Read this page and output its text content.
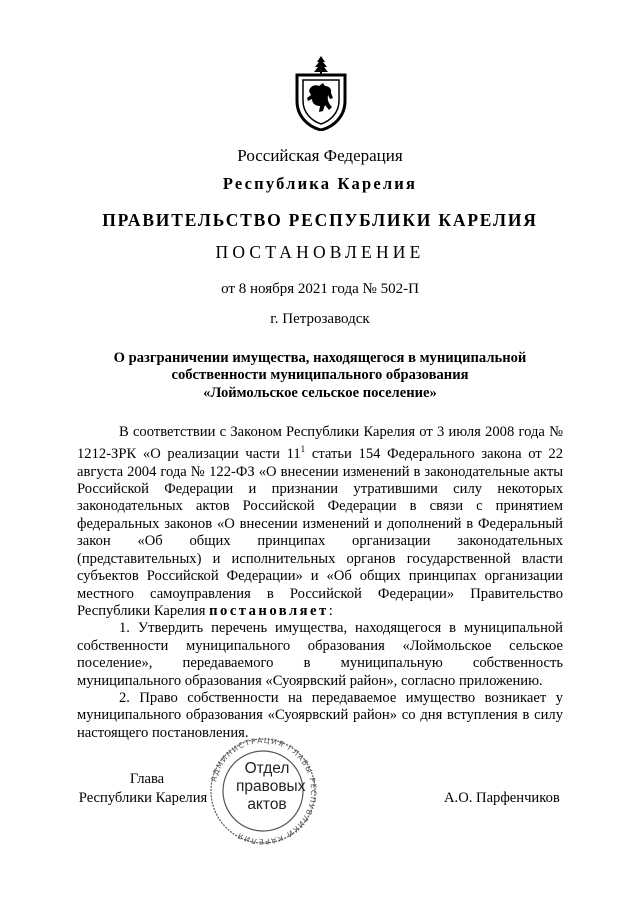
Российская Федерация
Республика Карелия
ПРАВИТЕЛЬСТВО РЕСПУБЛИКИ КАРЕЛИЯ
ПОСТАНОВЛЕНИЕ
от 8 ноября 2021 года № 502-П
г. Петрозаводск
О разграничении имущества, находящегося в муниципальной
собственности муниципального образования
«Лоймольское сельское поселение»

В соответствии с Законом Республики Карелия от 3 июля 2008 года № 1212-ЗРК «О реализации части $11^1$ статьи 154 Федерального закона от 22 августа 2004 года № 122-ФЗ «О внесении изменений в законодательные акты Российской Федерации и признании утратившими силу некоторых законодательных актов Российской Федерации в связи с принятием федеральных законов «О внесении изменений и дополнений в Федеральный закон «Об общих принципах организации законодательных (представительных) и исполнительных органов государственной власти субъектов Российской Федерации» и «Об общих принципах организации местного самоуправления в Российской Федерации» Правительство Республики Карелия постановляет:

1. Утвердить перечень имущества, находящегося в муниципальной собственности муниципального образования «Лоймольское сельское поселение», передаваемого в муниципальную собственность муниципального образования «Суоярвский район», согласно приложению.

2. Право собственности на передаваемое имущество возникает у муниципального образования «Суоярвский район» со дня вступления в силу настоящего постановления.

АДМИНИСТРАЦИЯ ГЛАВЫ РЕСПУБЛИКИ КАРЕЛИЯ
Отдел
правовых
актов
Глава
Республики Карелия	А.О. Парфенчиков
